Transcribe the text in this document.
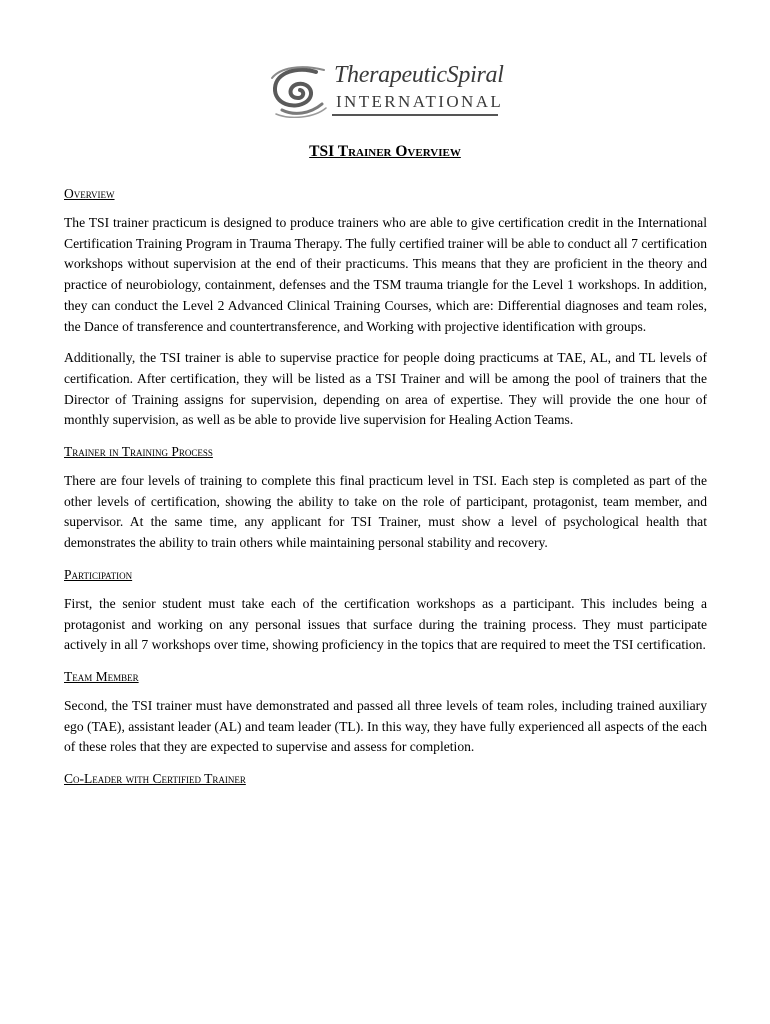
TherapeuticSpiral
INTERNATIONAL
TSI Trainer Overview
Overview

The TSI trainer practicum is designed to produce trainers who are able to give certification credit in the International Certification Training Program in Trauma Therapy. The fully certified trainer will be able to conduct all 7 certification workshops without supervision at the end of their practicums. This means that they are proficient in the theory and practice of neurobiology, containment, defenses and the TSM trauma triangle for the Level 1 workshops. In addition, they can conduct the Level 2 Advanced Clinical Training Courses, which are: Differential diagnoses and team roles, the Dance of transference and countertransference, and Working with projective identification with groups.

Additionally, the TSI trainer is able to supervise practice for people doing practicums at TAE, AL, and TL levels of certification. After certification, they will be listed as a TSI Trainer and will be among the pool of trainers that the Director of Training assigns for supervision, depending on area of expertise. They will provide the one hour of monthly supervision, as well as be able to provide live supervision for Healing Action Teams.

Trainer in Training Process

There are four levels of training to complete this final practicum level in TSI. Each step is completed as part of the other levels of certification, showing the ability to take on the role of participant, protagonist, team member, and supervisor. At the same time, any applicant for TSI Trainer, must show a level of psychological health that demonstrates the ability to train others while maintaining personal stability and recovery.

Participation

First, the senior student must take each of the certification workshops as a participant. This includes being a protagonist and working on any personal issues that surface during the training process. They must participate actively in all 7 workshops over time, showing proficiency in the topics that are required to meet the TSI certification.

Team Member

Second, the TSI trainer must have demonstrated and passed all three levels of team roles, including trained auxiliary ego (TAE), assistant leader (AL) and team leader (TL). In this way, they have fully experienced all aspects of the each of these roles that they are expected to supervise and assess for completion.

Co-Leader with Certified Trainer
